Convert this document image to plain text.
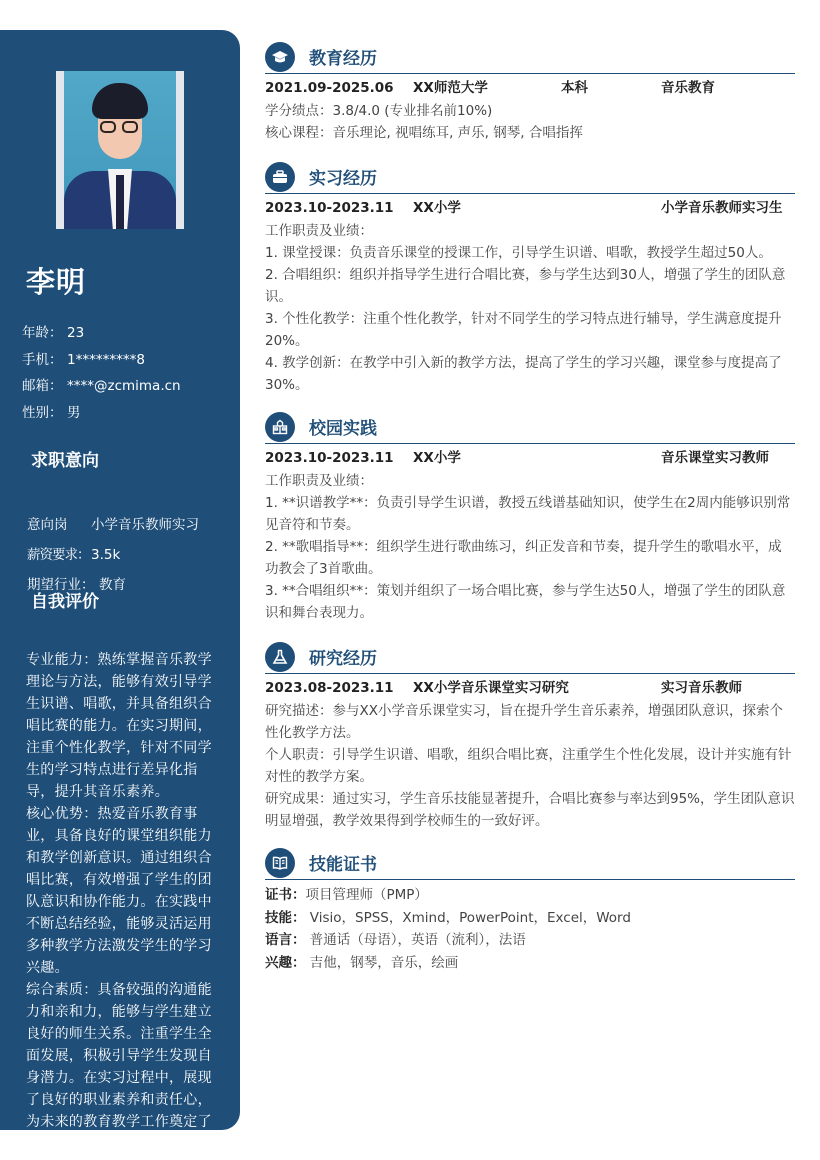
李明
年龄： 23
手机： 1*********8
邮箱： ****@zcmima.cn
性别： 男
求职意向
意向岗	小学音乐教师实习
薪资要求： 3.5k
期望行业： 教育
自我评价

专业能力：熟练掌握音乐教学理论与方法，能够有效引导学生识谱、唱歌，并具备组织合唱比赛的能力。在实习期间，注重个性化教学，针对不同学生的学习特点进行差异化指导，提升其音乐素养。

核心优势：热爱音乐教育事业，具备良好的课堂组织能力和教学创新意识。通过组织合唱比赛，有效增强了学生的团队意识和协作能力。在实践中不断总结经验，能够灵活运用多种教学方法激发学生的学习兴趣。

综合素质：具备较强的沟通能力和亲和力，能够与学生建立良好的师生关系。注重学生全面发展，积极引导学生发现自身潜力。在实习过程中，展现了良好的职业素养和责任心，为未来的教育教学工作奠定了坚实基础。

教育经历
2021.09-2025.06	XX师范大学	本科	音乐教育
学分绩点：3.8/4.0 (专业排名前10%)
核心课程：音乐理论, 视唱练耳, 声乐, 钢琴, 合唱指挥
实习经历
2023.10-2023.11	XX小学	小学音乐教师实习生
工作职责及业绩：
1. 课堂授课：负责音乐课堂的授课工作，引导学生识谱、唱歌，教授学生超过50人。
2. 合唱组织：组织并指导学生进行合唱比赛，参与学生达到30人，增强了学生的团队意识。
3. 个性化教学：注重个性化教学，针对不同学生的学习特点进行辅导，学生满意度提升20%。
4. 教学创新：在教学中引入新的教学方法，提高了学生的学习兴趣，课堂参与度提高了30%。
校园实践
2023.10-2023.11	XX小学	音乐课堂实习教师
工作职责及业绩：
1. **识谱教学**：负责引导学生识谱，教授五线谱基础知识，使学生在2周内能够识别常见音符和节奏。
2. **歌唱指导**：组织学生进行歌曲练习，纠正发音和节奏，提升学生的歌唱水平，成功教会了3首歌曲。
3. **合唱组织**：策划并组织了一场合唱比赛，参与学生达50人，增强了学生的团队意识和舞台表现力。
研究经历
2023.08-2023.11	XX小学音乐课堂实习研究	实习音乐教师
研究描述：参与XX小学音乐课堂实习，旨在提升学生音乐素养，增强团队意识，探索个性化教学方法。
个人职责：引导学生识谱、唱歌，组织合唱比赛，注重学生个性化发展，设计并实施有针对性的教学方案。
研究成果：通过实习，学生音乐技能显著提升，合唱比赛参与率达到95%，学生团队意识明显增强，教学效果得到学校师生的一致好评。
技能证书
证书：项目管理师（PMP）
技能： Visio，SPSS，Xmind，PowerPoint，Excel，Word
语言： 普通话（母语），英语（流利），法语
兴趣： 吉他，钢琴，音乐，绘画
